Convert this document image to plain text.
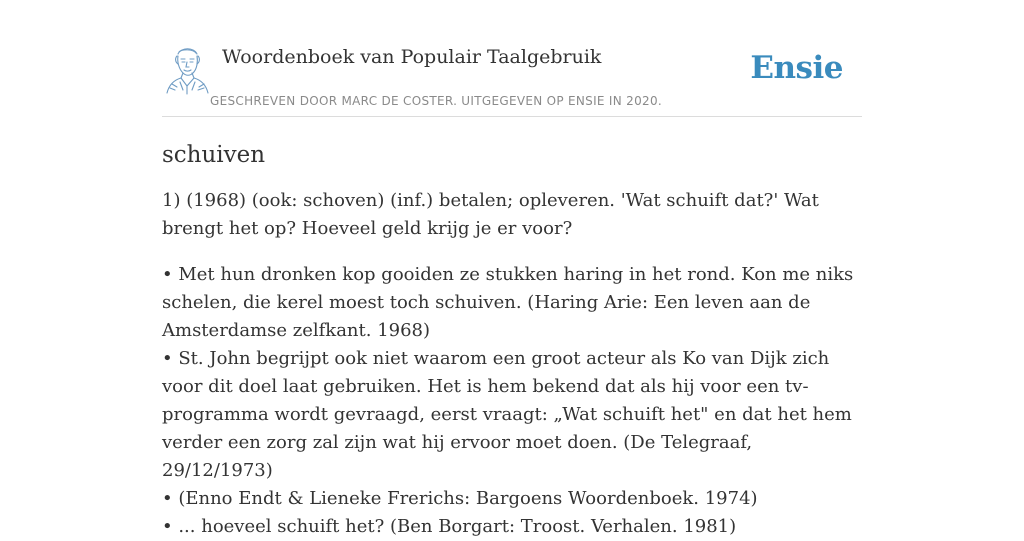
Woordenboek van Populair Taalgebruik
GESCHREVEN DOOR MARC DE COSTER. UITGEGEVEN OP ENSIE IN 2020.
Ensie
schuiven

1) (1968) (ook: schoven) (inf.) betalen; opleveren. 'Wat schuift dat?' Wat brengt het op? Hoeveel geld krijg je er voor?

• Met hun dronken kop gooiden ze stukken haring in het rond. Kon me niks schelen, die kerel moest toch schuiven. (Haring Arie: Een leven aan de Amsterdamse zelfkant. 1968)
• St. John begrijpt ook niet waarom een groot acteur als Ko van Dijk zich voor dit doel laat gebruiken. Het is hem bekend dat als hij voor een tv-programma wordt gevraagd, eerst vraagt: „Wat schuift het" en dat het hem verder een zorg zal zijn wat hij ervoor moet doen. (De Telegraaf, 29/12/1973)
• (Enno Endt & Lieneke Frerichs: Bargoens Woordenboek. 1974)
• ... hoeveel schuift het? (Ben Borgart: Troost. Verhalen. 1981)
